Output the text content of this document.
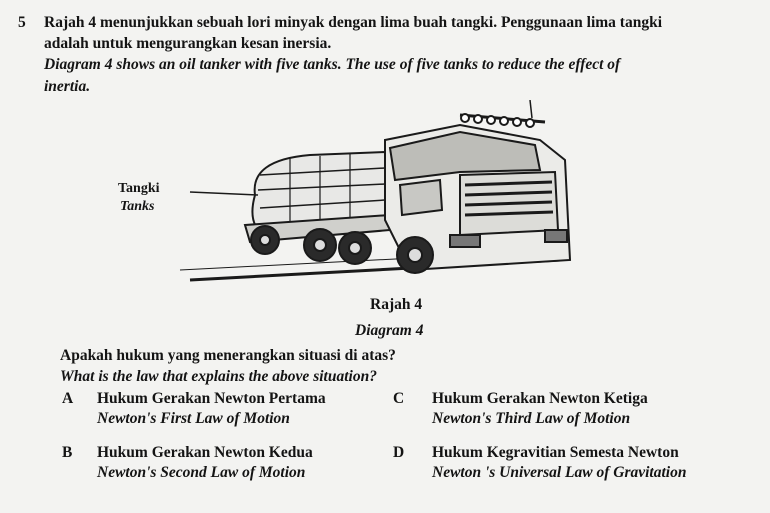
5 Rajah 4 menunjukkan sebuah lori minyak dengan lima buah tangki. Penggunaan lima tangki
adalah untuk mengurangkan kesan inersia.
Diagram 4 shows an oil tanker with five tanks. The use of five tanks to reduce the effect of
inertia.
Tangki
Tanks
Rajah 4
Diagram 4
Apakah hukum yang menerangkan situasi di atas?
What is the law that explains the above situation?
A Hukum Gerakan Newton Pertama
Newton's First Law of Motion
B Hukum Gerakan Newton Kedua
Newton's Second Law of Motion
C Hukum Gerakan Newton Ketiga
Newton's Third Law of Motion
D Hukum Kegravitian Semesta Newton
Newton 's Universal Law of Gravitation
